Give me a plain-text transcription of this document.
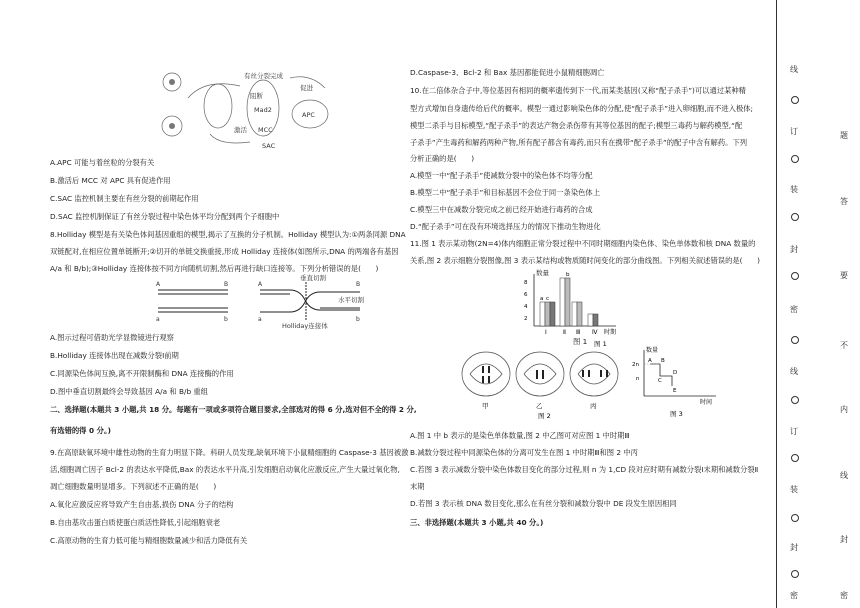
有丝分裂完成
促进
APC
阻断
Mad2
激活 MCC
SAC

A.APC 可能与着丝粒的分裂有关

B.激活后 MCC 对 APC 具有促进作用

C.SAC 监控机制主要在有丝分裂的前期起作用

D.SAC 监控机制保证了有丝分裂过程中染色体平均分配到两个子细胞中

8.Holliday 模型是有关染色体间基因重组的模型,揭示了互换的分子机制。Holliday 模型认为:①两条同源 DNA

双链配对,在相应位置单链断开;②切开的单链交换重接,形成 Holliday 连接体(如图所示,DNA 的两端各有基因

A/a 和 B/b);③Holliday 连接体按不同方向随机切割,然后再进行缺口连接等。下列分析错误的是(　　)

垂直切割
水平切割
A	B
a	b
A	B
a	b
Holliday连接体

A.图示过程可借助光学显微镜进行观察

B.Holliday 连接体出现在减数分裂Ⅰ前期

C.同源染色体间互换,离不开限制酶和 DNA 连接酶的作用

D.图中垂直切割最终会导致基因 A/a 和 B/b 重组

二、选择题(本题共 3 小题,共 18 分。每题有一项或多项符合题目要求,全部选对的得 6 分,选对但不全的得 2 分,

有选错的得 0 分。)

9.在高原缺氧环境中雄性动物的生育力明显下降。科研人员发现,缺氧环境下小鼠精细胞的 Caspase-3 基因被激

活,细胞凋亡因子 Bcl-2 的表达水平降低,Bax 的表达水平升高,引发细胞启动氧化应激反应,产生大量过氧化物,

凋亡细胞数量明显增多。下列叙述不正确的是(　　)

A.氧化应激反应将导致产生自由基,损伤 DNA 分子的结构

B.自由基攻击蛋白质使蛋白质活性降低,引起细胞衰老

C.高原动物的生育力低可能与精细胞数量减少和活力降低有关

D.Caspase-3、Bcl-2 和 Bax 基因都能促进小鼠精细胞凋亡

10.在二倍体杂合子中,等位基因有相同的概率遗传到下一代,而某类基因(又称“配子杀手”)可以通过某种精

型方式增加自身遗传给后代的概率。模型一通过影响染色体的分配,使“配子杀手”进入卵细胞,而不进入极体;

模型二杀手与目标模型,“配子杀手”的表达产物会杀伤带有其等位基因的配子;模型三毒药与解药模型,“配

子杀手”产生毒药和解药两种产物,所有配子都含有毒药,而只有在携带“配子杀手”的配子中含有解药。下列

分析正确的是(　　)

A.模型一中“配子杀手”使减数分裂中的染色体不均等分配

B.模型二中“配子杀手”和目标基因不会位于同一条染色体上

C.模型三中在减数分裂完成之前已经开始进行毒药的合成

D.“配子杀手”可在没有环境选择压力的情况下推动生物进化

11.图 1 表示某动物(2N=4)体内细胞正常分裂过程中不同时期细胞内染色体、染色单体数和核 DNA 数量的

关系,图 2 表示细胞分裂图像,图 3 表示某结构或物质随时间变化的部分曲线图。下列相关叙述错误的是(　　)

数量
8
6
4
2
a c
b
Ⅰ	Ⅱ Ⅲ Ⅳ 时期
图 1

图 1

甲	乙	丙
图 2
数量
2n
n
A B
C
D
E
时间
图 3

A.图 1 中 b 表示的是染色单体数量,图 2 中乙图可对应图 1 中时期Ⅲ

B.减数分裂过程中同源染色体的分离可发生在图 1 中时期Ⅲ和图 2 中丙

C.若图 3 表示减数分裂中染色体数目变化的部分过程,则 n 为 1,CD 段对应时期有减数分裂Ⅰ末期和减数分裂Ⅱ

末期

D.若图 3 表示核 DNA 数目变化,那么在有丝分裂和减数分裂中 DE 段发生原因相同

三、非选择题(本题共 3 小题,共 40 分。)

线
订
装
封
密
线
订
装
封
密
题
答
要
不
内
线
封
密
